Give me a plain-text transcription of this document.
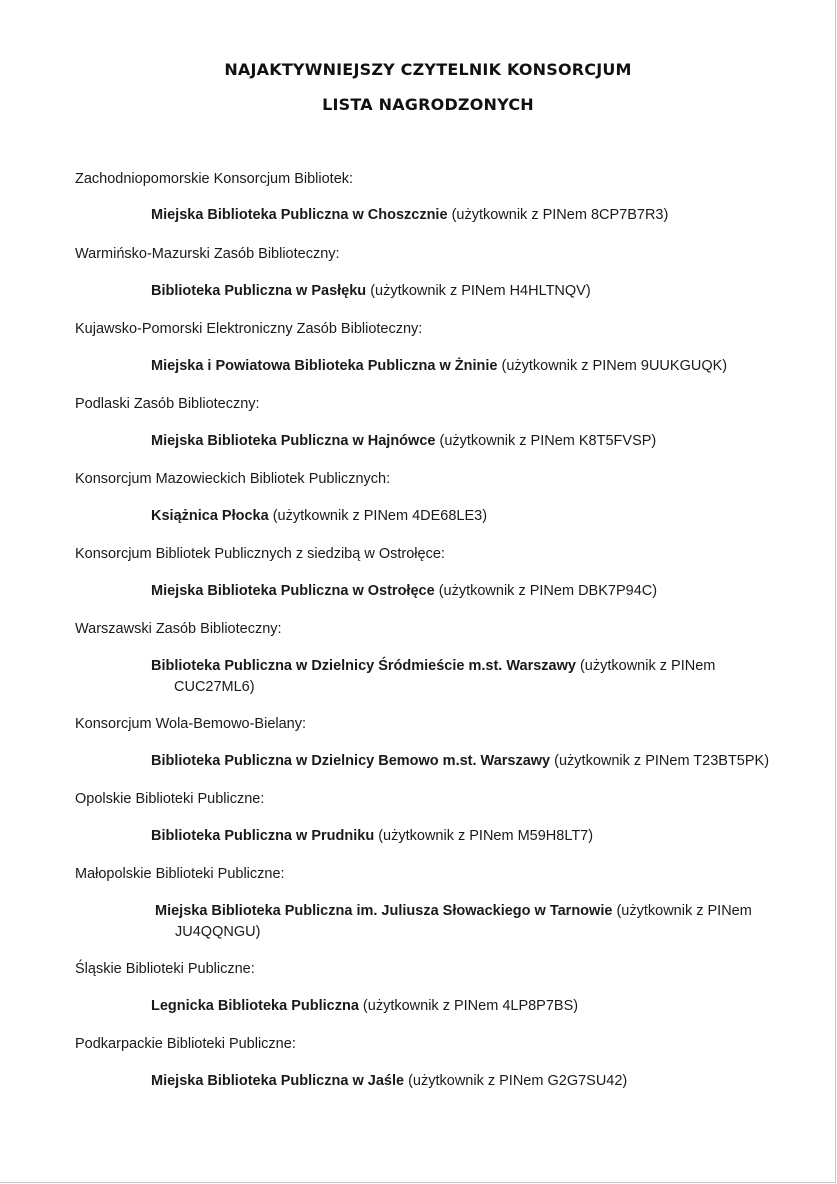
NAJAKTYWNIEJSZY CZYTELNIK KONSORCJUM
LISTA NAGRODZONYCH
Zachodniopomorskie Konsorcjum Bibliotek:
Miejska Biblioteka Publiczna w Choszcznie (użytkownik z PINem 8CP7B7R3)
Warmińsko-Mazurski Zasób Biblioteczny:
Biblioteka Publiczna w Pasłęku (użytkownik z PINem H4HLTNQV)
Kujawsko-Pomorski Elektroniczny Zasób Biblioteczny:
Miejska i Powiatowa Biblioteka Publiczna w Żninie (użytkownik z PINem 9UUKGUQK)
Podlaski Zasób Biblioteczny:
Miejska Biblioteka Publiczna w Hajnówce (użytkownik z PINem K8T5FVSP)
Konsorcjum Mazowieckich Bibliotek Publicznych:
Książnica Płocka (użytkownik z PINem 4DE68LE3)
Konsorcjum Bibliotek Publicznych z siedzibą w Ostrołęce:
Miejska Biblioteka Publiczna w Ostrołęce (użytkownik z PINem DBK7P94C)
Warszawski Zasób Biblioteczny:
Biblioteka Publiczna w Dzielnicy Śródmieście m.st. Warszawy (użytkownik z PINem
CUC27ML6)
Konsorcjum Wola-Bemowo-Bielany:
Biblioteka Publiczna w Dzielnicy Bemowo m.st. Warszawy (użytkownik z PINem T23BT5PK)
Opolskie Biblioteki Publiczne:
Biblioteka Publiczna w Prudniku (użytkownik z PINem M59H8LT7)
Małopolskie Biblioteki Publiczne:
Miejska Biblioteka Publiczna im. Juliusza Słowackiego w Tarnowie (użytkownik z PINem
JU4QQNGU)
Śląskie Biblioteki Publiczne:
Legnicka Biblioteka Publiczna (użytkownik z PINem 4LP8P7BS)
Podkarpackie Biblioteki Publiczne:
Miejska Biblioteka Publiczna w Jaśle (użytkownik z PINem G2G7SU42)
